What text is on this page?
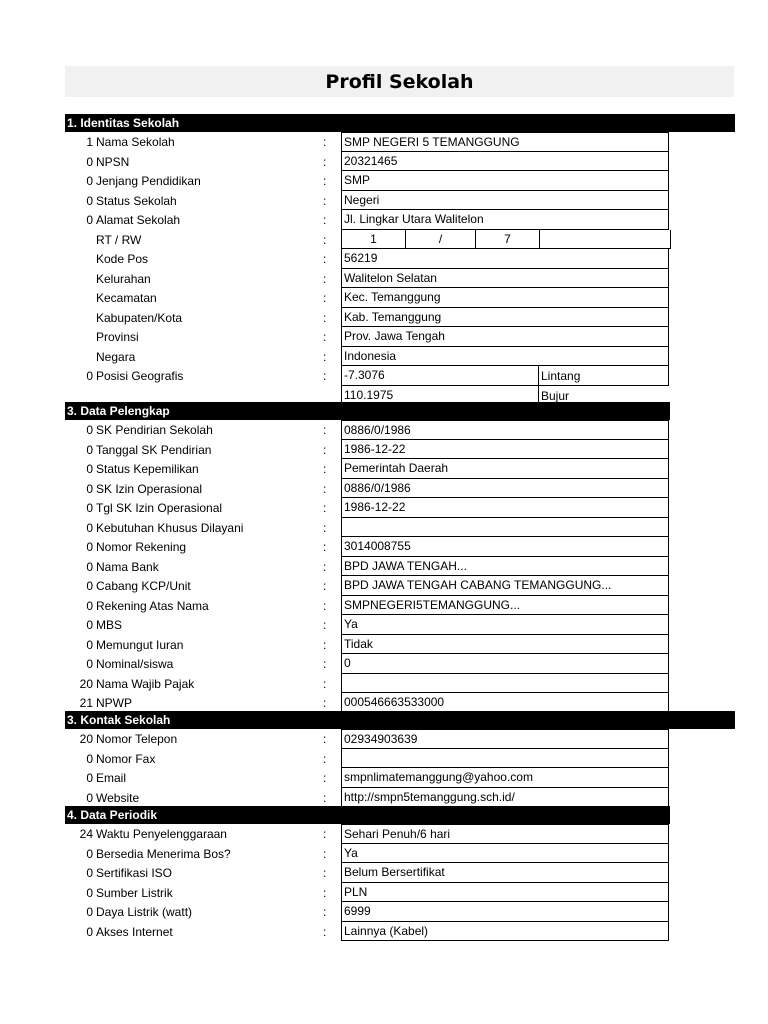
Profil Sekolah
1. Identitas Sekolah
1 Nama Sekolah	: SMP NEGERI 5 TEMANGGUNG
0 NPSN	: 20321465
0 Jenjang Pendidikan	: SMP
0 Status Sekolah	: Negeri
0 Alamat Sekolah	: Jl. Lingkar Utara Walitelon
RT / RW	:	1	/	7
Kode Pos	: 56219
Kelurahan	: Walitelon Selatan
Kecamatan	: Kec. Temanggung
Kabupaten/Kota	: Kab. Temanggung
Provinsi	: Prov. Jawa Tengah
Negara	: Indonesia
0 Posisi Geografis	: -7.3076	Lintang
110.1975	Bujur
3. Data Pelengkap
0 SK Pendirian Sekolah	: 0886/0/1986
0 Tanggal SK Pendirian	: 1986-12-22
0 Status Kepemilikan	: Pemerintah Daerah
0 SK Izin Operasional	: 0886/0/1986
0 Tgl SK Izin Operasional	: 1986-12-22
0 Kebutuhan Khusus Dilayani	:
0 Nomor Rekening	: 3014008755
0 Nama Bank	: BPD JAWA TENGAH...
0 Cabang KCP/Unit	: BPD JAWA TENGAH CABANG TEMANGGUNG...
0 Rekening Atas Nama	: SMPNEGERI5TEMANGGUNG...
0 MBS	: Ya
0 Memungut Iuran	: Tidak
0 Nominal/siswa	: 0
20 Nama Wajib Pajak	:
21 NPWP	: 000546663533000
3. Kontak Sekolah
20 Nomor Telepon	: 02934903639
0 Nomor Fax	:
0 Email	: smpnlimatemanggung@yahoo.com
0 Website	: http://smpn5temanggung.sch.id/
4. Data Periodik
24 Waktu Penyelenggaraan	: Sehari Penuh/6 hari
0 Bersedia Menerima Bos?	: Ya
0 Sertifikasi ISO	: Belum Bersertifikat
0 Sumber Listrik	: PLN
0 Daya Listrik (watt)	: 6999
0 Akses Internet	: Lainnya (Kabel)
